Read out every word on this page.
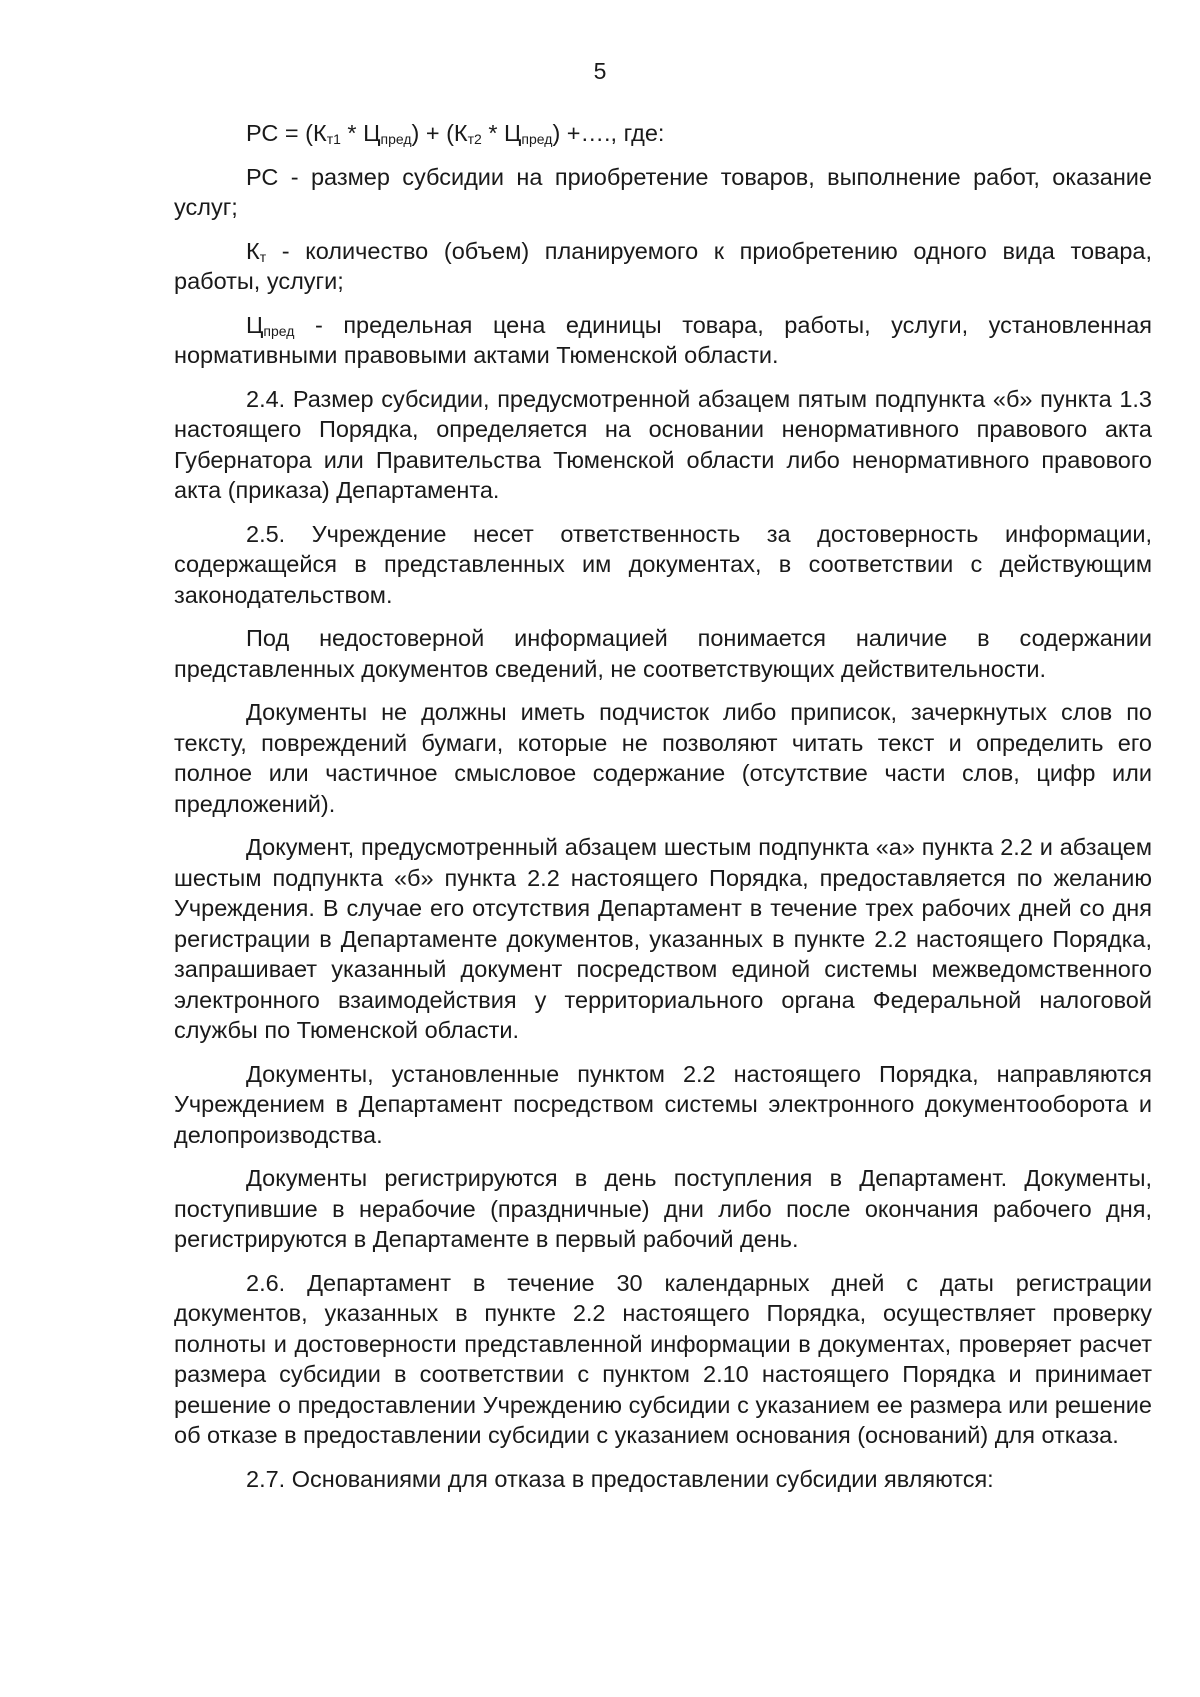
5

РС = $(К_{т1} * Ц_{пред}) + (К_{т2} * Ц_{пред})$ +…., где:

РС - размер субсидии на приобретение товаров, выполнение работ, оказание услуг;

$К_т$ - количество (объем) планируемого к приобретению одного вида товара, работы, услуги;

$Ц_{пред}$ - предельная цена единицы товара, работы, услуги, установленная нормативными правовыми актами Тюменской области.

2.4. Размер субсидии, предусмотренной абзацем пятым подпункта «б» пункта 1.3 настоящего Порядка, определяется на основании ненормативного правового акта Губернатора или Правительства Тюменской области либо ненормативного правового акта (приказа) Департамента.

2.5. Учреждение несет ответственность за достоверность информации, содержащейся в представленных им документах, в соответствии с действующим законодательством.

Под недостоверной информацией понимается наличие в содержании представленных документов сведений, не соответствующих действительности.

Документы не должны иметь подчисток либо приписок, зачеркнутых слов по тексту, повреждений бумаги, которые не позволяют читать текст и определить его полное или частичное смысловое содержание (отсутствие части слов, цифр или предложений).

Документ, предусмотренный абзацем шестым подпункта «а» пункта 2.2 и абзацем шестым подпункта «б» пункта 2.2 настоящего Порядка, предоставляется по желанию Учреждения. В случае его отсутствия Департамент в течение трех рабочих дней со дня регистрации в Департаменте документов, указанных в пункте 2.2 настоящего Порядка, запрашивает указанный документ посредством единой системы межведомственного электронного взаимодействия у территориального органа Федеральной налоговой службы по Тюменской области.

Документы, установленные пунктом 2.2 настоящего Порядка, направляются Учреждением в Департамент посредством системы электронного документооборота и делопроизводства.

Документы регистрируются в день поступления в Департамент. Документы, поступившие в нерабочие (праздничные) дни либо после окончания рабочего дня, регистрируются в Департаменте в первый рабочий день.

2.6. Департамент в течение 30 календарных дней с даты регистрации документов, указанных в пункте 2.2 настоящего Порядка, осуществляет проверку полноты и достоверности представленной информации в документах, проверяет расчет размера субсидии в соответствии с пунктом 2.10 настоящего Порядка и принимает решение о предоставлении Учреждению субсидии с указанием ее размера или решение об отказе в предоставлении субсидии с указанием основания (оснований) для отказа.

2.7. Основаниями для отказа в предоставлении субсидии являются:
